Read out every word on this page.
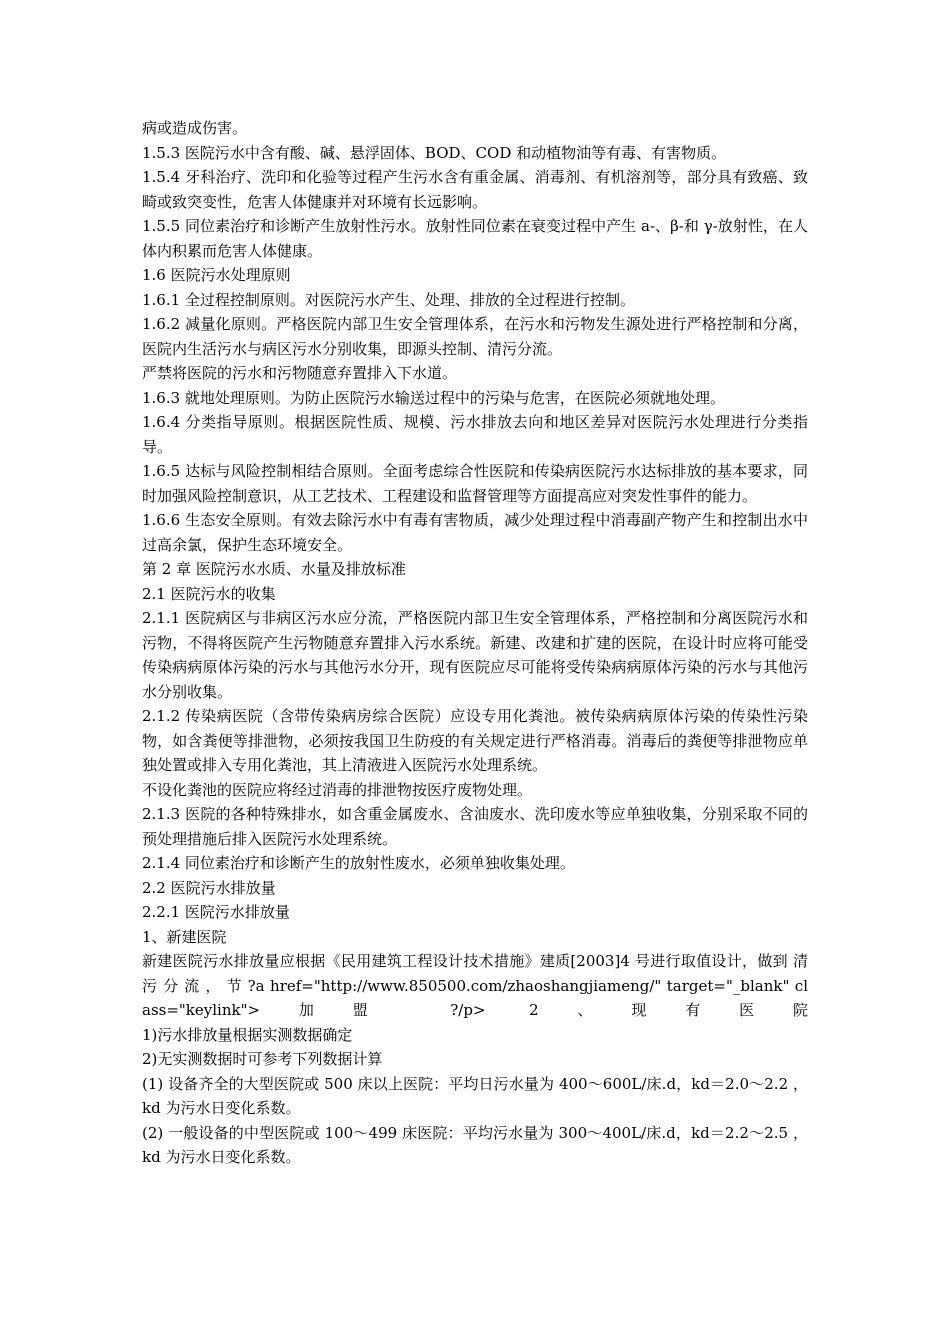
病或造成伤害。

1.5.3 医院污水中含有酸、碱、悬浮固体、BOD、COD 和动植物油等有毒、有害物质。

1.5.4 牙科治疗、洗印和化验等过程产生污水含有重金属、消毒剂、有机溶剂等，部分具有致癌、致畸或致突变性，危害人体健康并对环境有长远影响。

1.5.5 同位素治疗和诊断产生放射性污水。放射性同位素在衰变过程中产生 a-、β-和 γ-放射性，在人体内积累而危害人体健康。

1.6 医院污水处理原则

1.6.1 全过程控制原则。对医院污水产生、处理、排放的全过程进行控制。

1.6.2 减量化原则。严格医院内部卫生安全管理体系，在污水和污物发生源处进行严格控制和分离，医院内生活污水与病区污水分别收集，即源头控制、清污分流。

严禁将医院的污水和污物随意弃置排入下水道。

1.6.3 就地处理原则。为防止医院污水输送过程中的污染与危害，在医院必须就地处理。

1.6.4 分类指导原则。根据医院性质、规模、污水排放去向和地区差异对医院污水处理进行分类指导。

1.6.5 达标与风险控制相结合原则。全面考虑综合性医院和传染病医院污水达标排放的基本要求，同时加强风险控制意识，从工艺技术、工程建设和监督管理等方面提高应对突发性事件的能力。

1.6.6 生态安全原则。有效去除污水中有毒有害物质，减少处理过程中消毒副产物产生和控制出水中过高余氯，保护生态环境安全。

第 2 章 医院污水水质、水量及排放标准

2.1 医院污水的收集

2.1.1 医院病区与非病区污水应分流，严格医院内部卫生安全管理体系，严格控制和分离医院污水和污物，不得将医院产生污物随意弃置排入污水系统。新建、改建和扩建的医院，在设计时应将可能受传染病病原体污染的污水与其他污水分开，现有医院应尽可能将受传染病病原体污染的污水与其他污水分别收集。

2.1.2 传染病医院（含带传染病房综合医院）应设专用化粪池。被传染病病原体污染的传染性污染物，如含粪便等排泄物，必须按我国卫生防疫的有关规定进行严格消毒。消毒后的粪便等排泄物应单独处置或排入专用化粪池，其上清液进入医院污水处理系统。

不设化粪池的医院应将经过消毒的排泄物按医疗废物处理。

2.1.3 医院的各种特殊排水，如含重金属废水、含油废水、洗印废水等应单独收集，分别采取不同的预处理措施后排入医院污水处理系统。

2.1.4 同位素治疗和诊断产生的放射性废水，必须单独收集处理。

2.2 医院污水排放量

2.2.1 医院污水排放量

1、新建医院

新建医院污水排放量应根据《民用建筑工程设计技术措施》建质[2003]4 号进行取值设计，做到 清 污 分 流 ， 节 ?a href="http://www.850500.com/zhaoshangjiameng/" target="_blank" class="keylink">加盟 ?/p> 2、现有医院

1)污水排放量根据实测数据确定

2)无实测数据时可参考下列数据计算

(1) 设备齐全的大型医院或 500 床以上医院：平均日污水量为 400～600L/床.d，kd＝2.0～2.2 ，kd 为污水日变化系数。

(2) 一般设备的中型医院或 100～499 床医院：平均污水量为 300～400L/床.d，kd＝2.2～2.5 ，kd 为污水日变化系数。
